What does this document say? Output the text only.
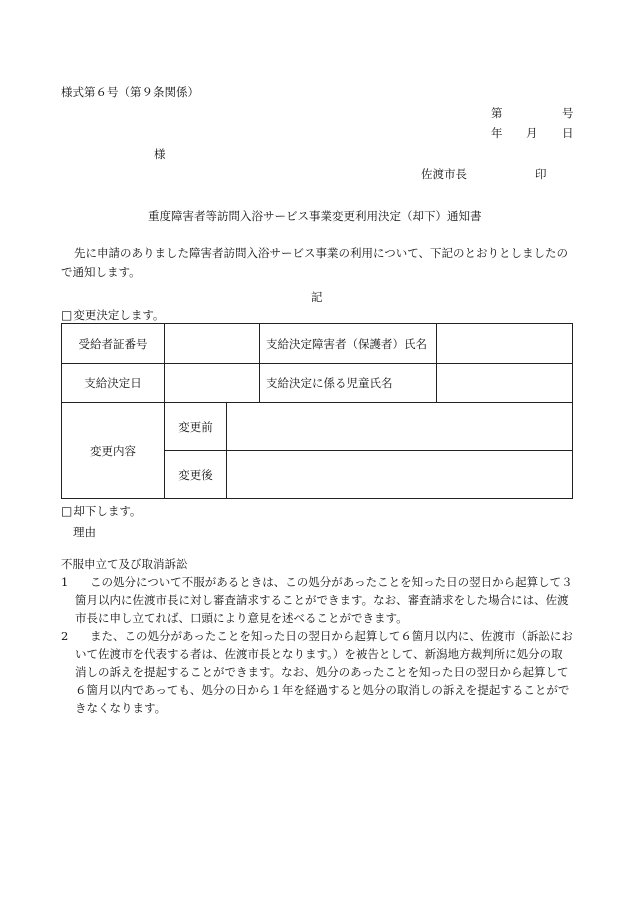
様式第６号（第９条関係）
第	号
年 月 日
様
佐渡市長	印
重度障害者等訪問入浴サービス事業変更利用決定（却下）通知書

先に申請のありました障害者訪問入浴サービス事業の利用について、下記のとおりとしましたので通知します。

記
□変更決定します。
受給者証番号			支給決定障害者（保護者）氏名	
支給決定日			支給決定に係る児童氏名	
変更内容	変更前			
	変更後			
□却下します。
理由
不服申立て及び取消訴訟
1	この処分について不服があるときは、この処分があったことを知った日の翌日から起算して３箇月以内に佐渡市長に対し審査請求することができます。なお、審査請求をした場合には、佐渡市長に申し立てれば、口頭により意見を述べることができます。
2	また、この処分があったことを知った日の翌日から起算して６箇月以内に、佐渡市（訴訟において佐渡市を代表する者は、佐渡市長となります。）を被告として、新潟地方裁判所に処分の取消しの訴えを提起することができます。なお、処分のあったことを知った日の翌日から起算して６箇月以内であっても、処分の日から１年を経過すると処分の取消しの訴えを提起することができなくなります。
